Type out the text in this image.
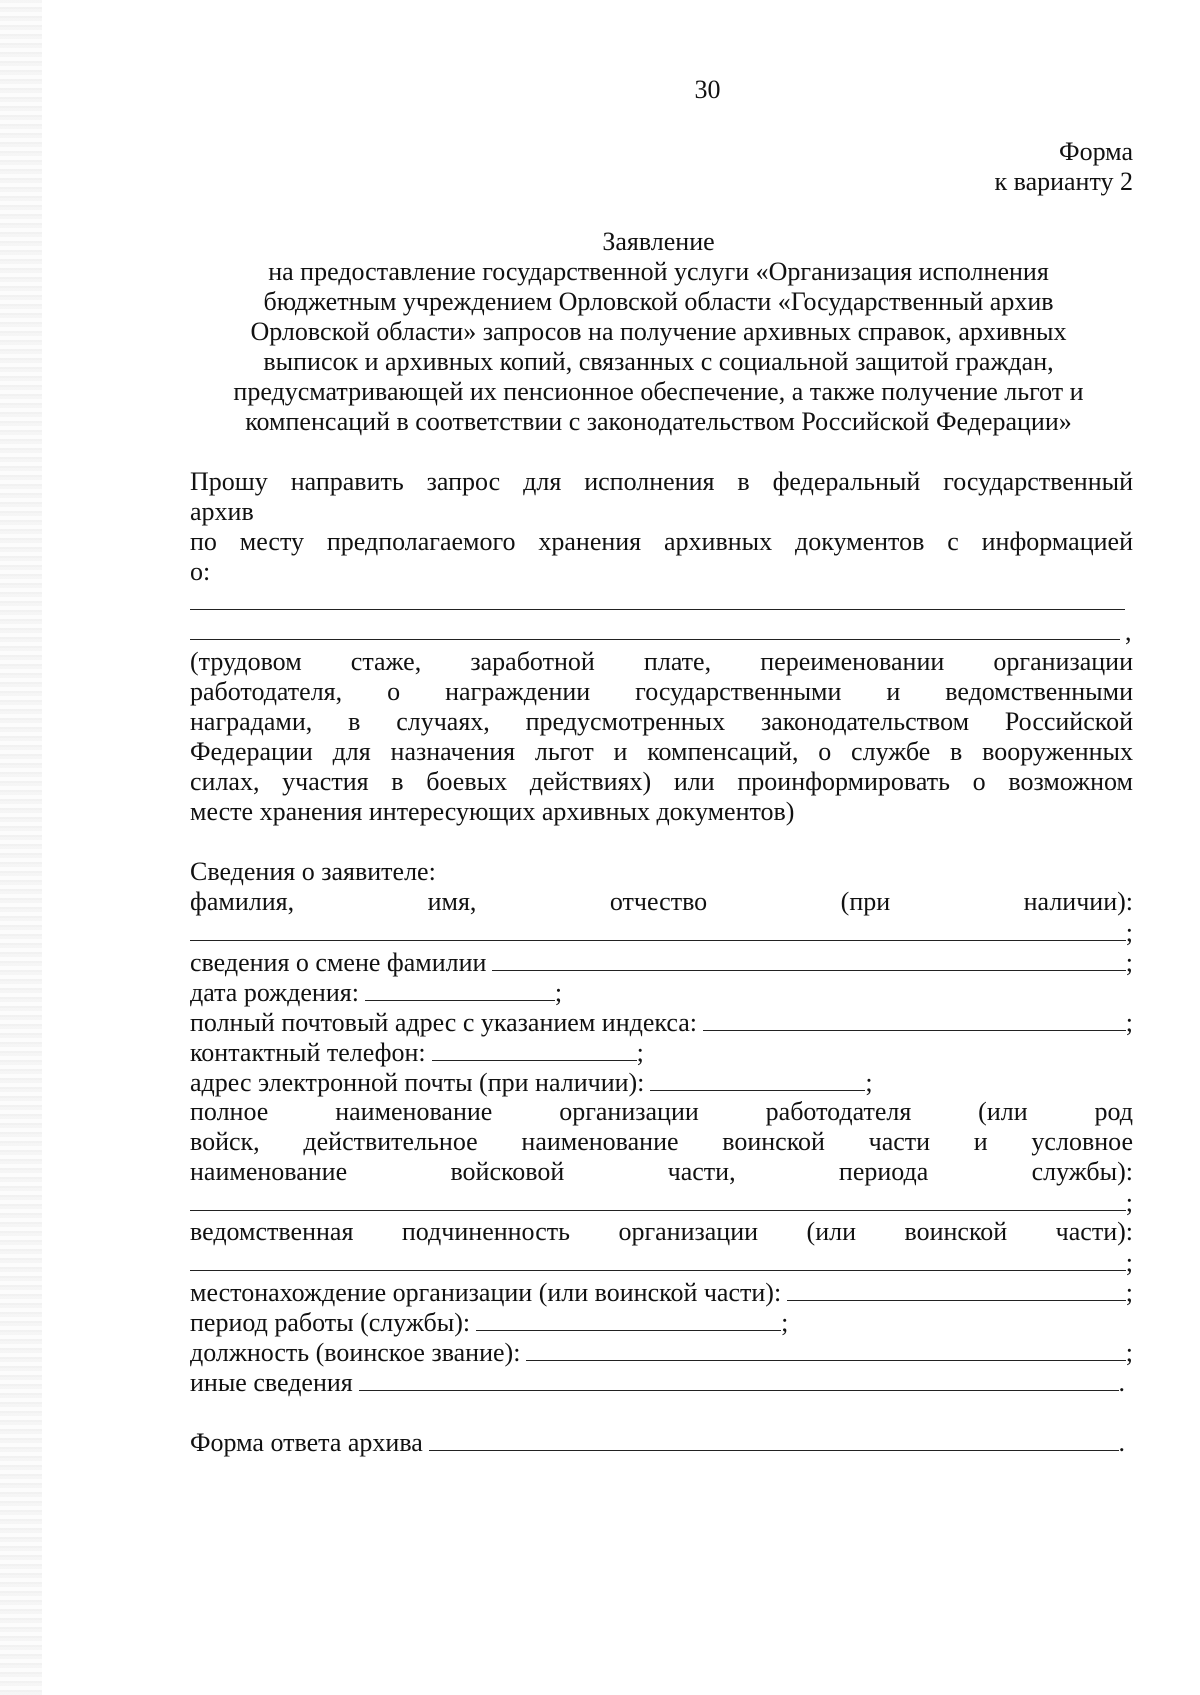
30
Форма
к варианту 2
Заявление
на предоставление государственной услуги «Организация исполнения
бюджетным учреждением Орловской области «Государственный архив
Орловской области» запросов на получение архивных справок, архивных
выписок и архивных копий, связанных с социальной защитой граждан,
предусматривающей их пенсионное обеспечение, а также получение льгот и
компенсаций в соответствии с законодательством Российской Федерации»
Прошу направить запрос для исполнения в федеральный государственный
архив
по месту предполагаемого хранения архивных документов с информацией
о:
,
(трудовом стаже, заработной плате, переименовании организации
работодателя, о награждении государственными и ведомственными
наградами, в случаях, предусмотренных законодательством Российской
Федерации для назначения льгот и компенсаций, о службе в вооруженных
силах, участия в боевых действиях) или проинформировать о возможном
месте хранения интересующих архивных документов)
Сведения о заявителе:
фамилия, имя, отчество (при наличии):
;
сведения о смене фамилии	;
дата рождения:	;
полный почтовый адрес с указанием индекса:	;
контактный телефон:	;
адрес электронной почты (при наличии):	;
полное наименование организации работодателя (или род
войск, действительное наименование воинской части и условное
наименование войсковой части, периода службы):
;
ведомственная подчиненность организации (или воинской части):
;
местонахождение организации (или воинской части):	;
период работы (службы):	;
должность (воинское звание):	;
иные сведения	.
Форма ответа архива	.
